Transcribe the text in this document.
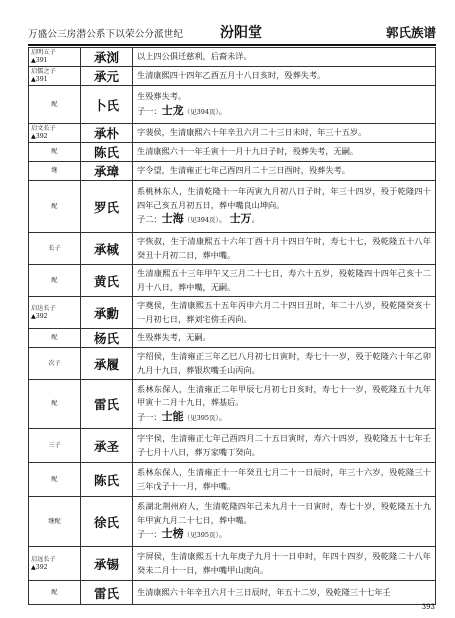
万盛公三房潜公系下以荣公分派世纪	汾阳堂	郭氏族谱
启明五子
▲391	承浏	以上四公俱迁慈利，后裔未详。

启儒之子
▲391	承元	生清康熙四十四年乙酉五月十八日亥时，殁葬失考。

配	卜氏	生殁葬失考。
子一：士龙（见394页）。

启文长子
▲392	承朴	字裴侯，生清康熙六十年辛丑六月二十三日未时，年三十五岁。

配	陈氏	生清康熙六十一年壬寅十一月十九日子时，殁葬失考，无嗣。

继	承璋	字令望，生清雍正七年己酉四月二十三日酉时，殁葬失考。

配	罗氏	系桃林东人，生清乾隆十一年丙寅九月初八日子时，年三十四岁，殁于乾隆四十四年己亥五月初五日，葬中嘴良山坤向。
子二：士海（见394页）。 士万。

长子	承棫	字恢叔，生于清康熙五十六年丁酉十月十四日午时，寿七十七，殁乾隆五十八年癸丑十月初二日，葬中嘴。

配	黄氏	生清康熙五十三年甲午又三月二十七日，寿六十五岁，殁乾隆四十四年己亥十二月十八日，葬中嘴，无嗣。

启达长子
▲392	承勳	字奠侯，生清康熙五十五年丙申六月二十四日丑时，年二十八岁，殁乾隆癸亥十一月初七日，葬刘宅傍壬丙向。

配	杨氏	生殁葬失考，无嗣。

次子	承履	字绍侯，生清雍正三年乙巳八月初七日寅时，寿七十一岁，殁于乾隆六十年乙卯九月十九日，葬银坎嘴壬山丙向。

配	雷氏	系林东保人，生清雍正二年甲辰七月初七日亥时，寿七十一岁，殁乾隆五十九年甲寅十二月十九日，葬基后。
子一：士能（见395页）。

三子	承圣	字宇侯，生清雍正七年己酉四月二十五日寅时，寿六十四岁，殁乾隆五十七年壬子七月十八日，葬万家嘴丁癸向。

配	陈氏	系林东保人，生清雍正十一年癸丑七月二十一日辰时，年三十六岁，殁乾隆三十三年戊子十一月，葬中嘴。

继配	徐氏	系湖北荆州府人，生清乾隆四年己未九月十一日寅时，寿七十岁，殁乾隆五十九年甲寅九月二十七日，葬中嘴。
子一：士榜（见395页）。

启远长子
▲392	承锡	字屏侯，生清康熙五十九年庚子九月十一日申时，年四十四岁，殁乾隆二十八年癸未二月十一日，葬中嘴甲山庚向。

配	雷氏	生清康熙六十年辛丑六月十三日辰时，年五十二岁，殁乾隆三十七年壬
393
